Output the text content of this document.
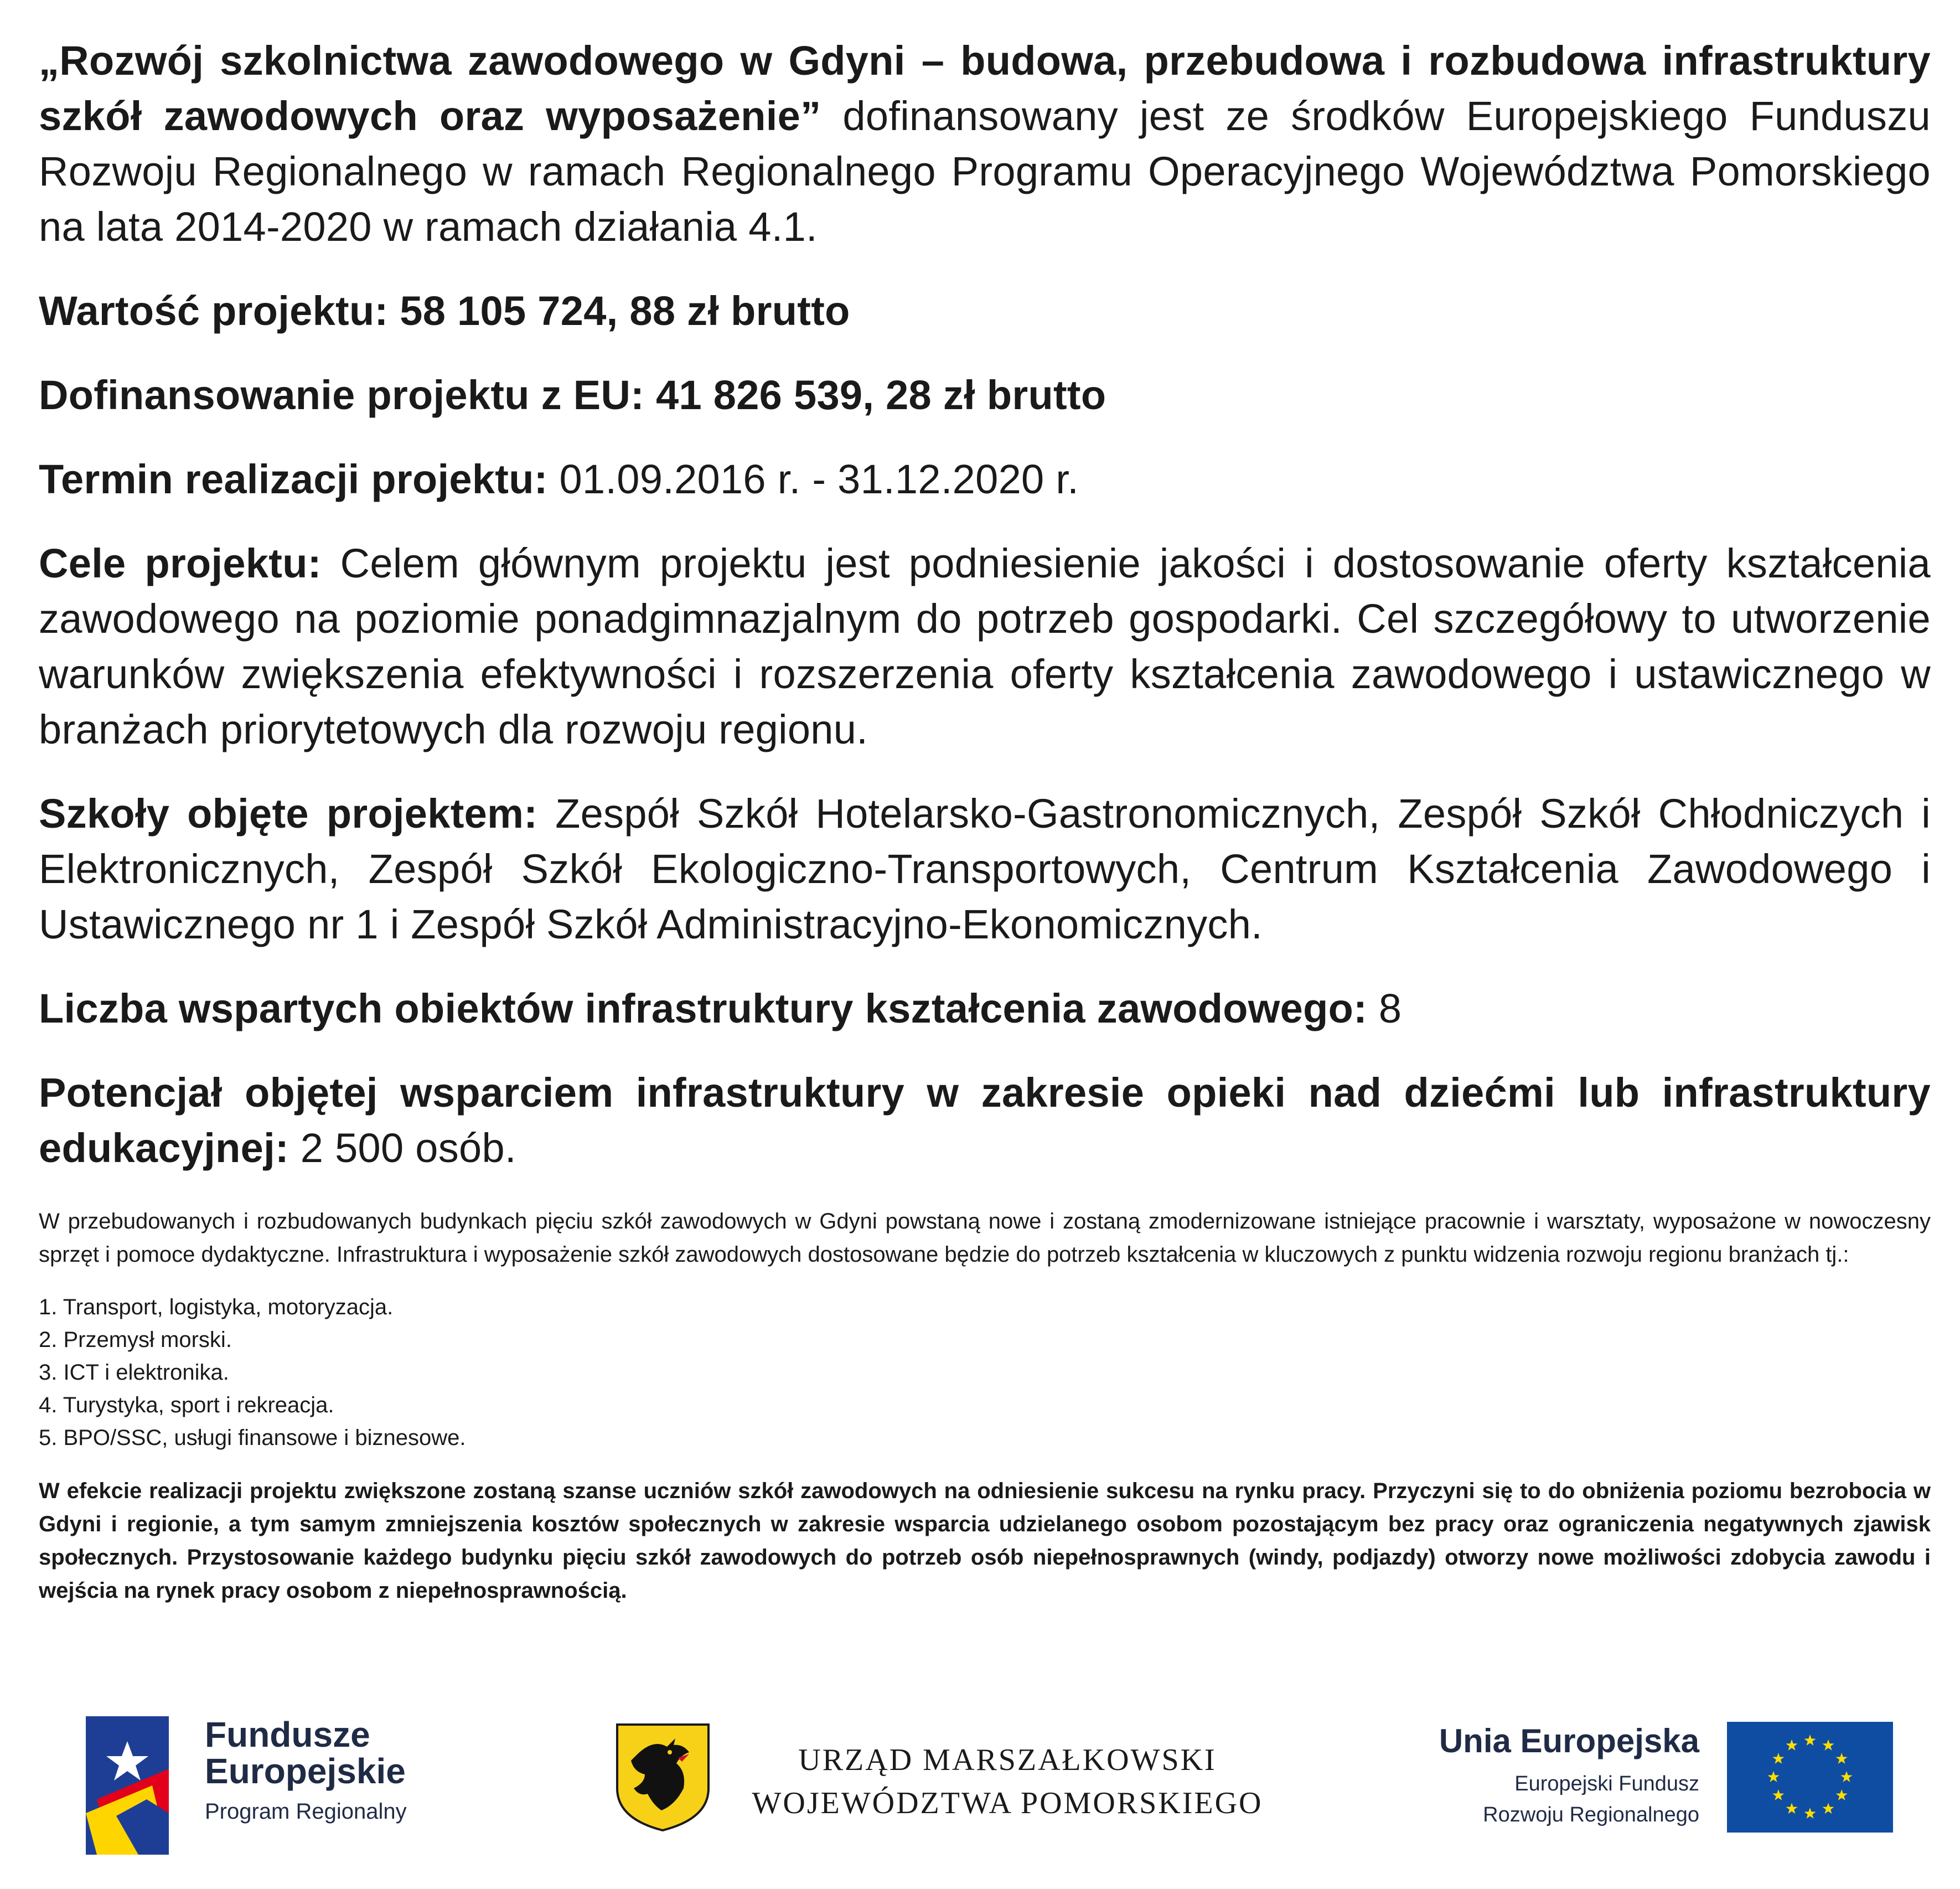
„Rozwój szkolnictwa zawodowego w Gdyni – budowa, przebudowa i rozbudowa infrastruktury szkół zawodowych oraz wyposażenie” dofinansowany jest ze środków Europejskiego Funduszu Rozwoju Regionalnego w ramach Regionalnego Programu Operacyjnego Województwa Pomorskiego na lata 2014-2020 w ramach działania 4.1.

Wartość projektu: 58 105 724, 88 zł brutto

Dofinansowanie projektu z EU: 41 826 539, 28 zł brutto

Termin realizacji projektu: 01.09.2016 r. - 31.12.2020 r.

Cele projektu: Celem głównym projektu jest podniesienie jakości i dostosowanie oferty kształcenia zawodowego na poziomie ponadgimnazjalnym do potrzeb gospodarki. Cel szczegółowy to utworzenie warunków zwiększenia efektywności i rozszerzenia oferty kształcenia zawodowego i ustawicznego w branżach priorytetowych dla rozwoju regionu.

Szkoły objęte projektem: Zespół Szkół Hotelarsko-Gastronomicznych, Zespół Szkół Chłodniczych i Elektronicznych, Zespół Szkół Ekologiczno-Transportowych, Centrum Kształcenia Zawodowego i Ustawicznego nr 1 i Zespół Szkół Administracyjno-Ekonomicznych.

Liczba wspartych obiektów infrastruktury kształcenia zawodowego: 8

Potencjał objętej wsparciem infrastruktury w zakresie opieki nad dziećmi lub infrastruktury edukacyjnej: 2 500 osób.

W przebudowanych i rozbudowanych budynkach pięciu szkół zawodowych w Gdyni powstaną nowe i zostaną zmodernizowane istniejące pracownie i warsztaty, wyposażone w nowoczesny sprzęt i pomoce dydaktyczne. Infrastruktura i wyposażenie szkół zawodowych dostosowane będzie do potrzeb kształcenia w kluczowych z punktu widzenia rozwoju regionu branżach tj.:

1. Transport, logistyka, motoryzacja.
2. Przemysł morski.
3. ICT i elektronika.
4. Turystyka, sport i rekreacja.
5. BPO/SSC, usługi finansowe i biznesowe.

W efekcie realizacji projektu zwiększone zostaną szanse uczniów szkół zawodowych na odniesienie sukcesu na rynku pracy. Przyczyni się to do obniżenia poziomu bezrobocia w Gdyni i regionie, a tym samym zmniejszenia kosztów społecznych w zakresie wsparcia udzielanego osobom pozostającym bez pracy oraz ograniczenia negatywnych zjawisk społecznych. Przystosowanie każdego budynku pięciu szkół zawodowych do potrzeb osób niepełnosprawnych (windy, podjazdy) otworzy nowe możliwości zdobycia zawodu i wejścia na rynek pracy osobom z niepełnosprawnością.

Fundusze
Europejskie
Program Regionalny
URZĄD MARSZAŁKOWSKI
WOJEWÓDZTWA POMORSKIEGO
Unia Europejska
Europejski Fundusz
Rozwoju Regionalnego
